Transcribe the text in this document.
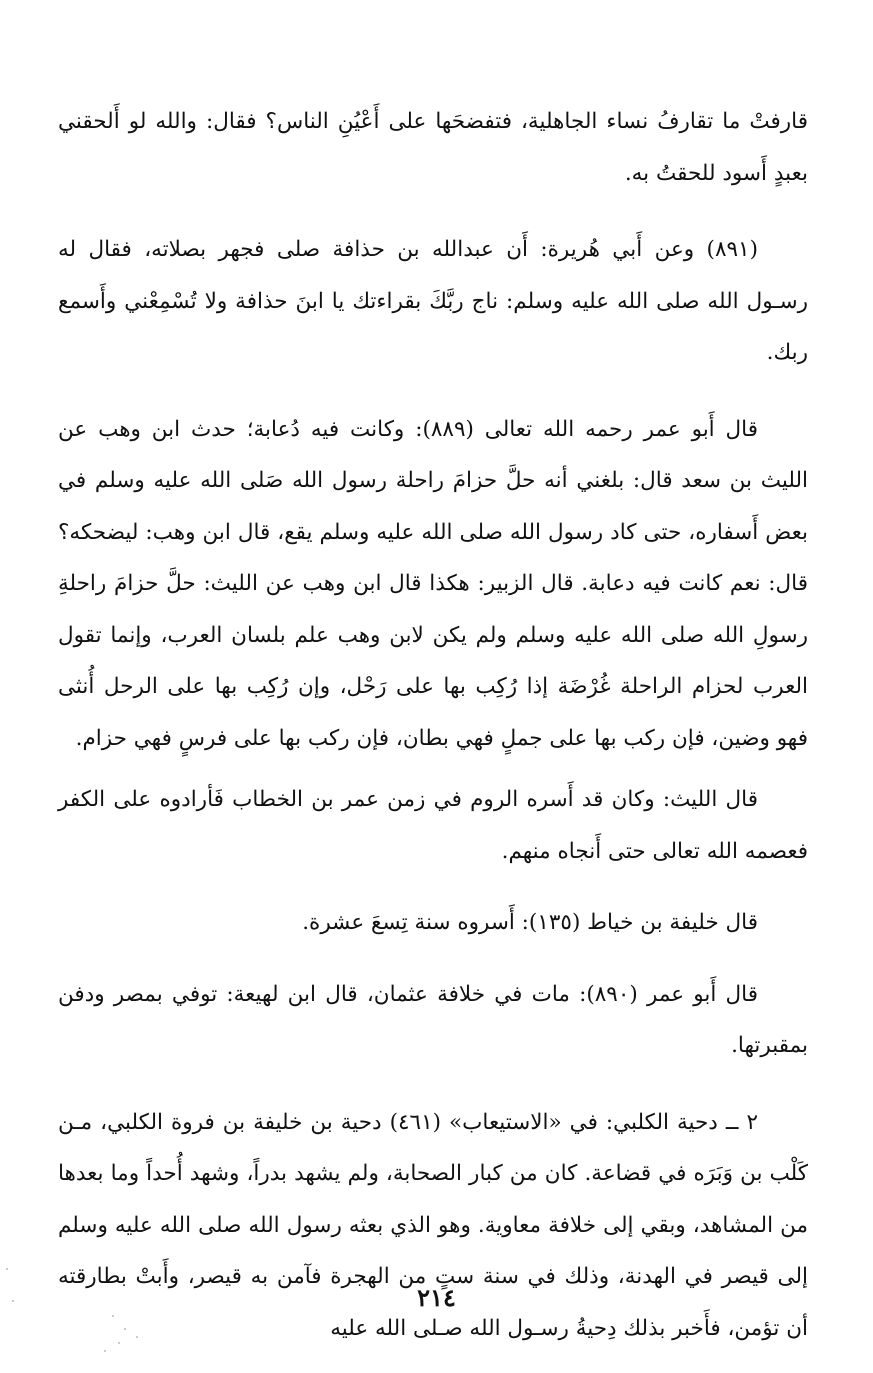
قارفتْ ما تقارفُ نساء الجاهلية، فتفضحَها على أَعْيُنِ الناس؟ فقال: والله لو أَلحقني بعبدٍ أَسود للحقتُ به.

(٨٩١) وعن أَبي هُريرة: أَن عبدالله بن حذافة صلى فجهر بصلاته، فقال له رسـول الله صلى الله عليه وسلم: ناج ربَّكَ بقراءتك يا ابنَ حذافة ولا تُسْمِعْني وأَسمع ربك.

قال أَبو عمر رحمه الله تعالى (٨٨٩): وكانت فيه دُعابة؛ حدث ابن وهب عن الليث بن سعد قال: بلغني أنه حلَّ حزامَ راحلة رسول الله صَلى الله عليه وسلم في بعض أَسفاره، حتى كاد رسول الله صلى الله عليه وسلم يقع، قال ابن وهب: ليضحكه؟ قال: نعم كانت فيه دعابة. قال الزبير: هكذا قال ابن وهب عن الليث: حلَّ حزامَ راحلةِ رسولِ الله صلى الله عليه وسلم ولم يكن لابن وهب علم بلسان العرب، وإنما تقول العرب لحزام الراحلة غُرْضَة إذا رُكِب بها على رَحْل، وإن رُكِب بها على الرحل أُنثى فهو وضين، فإن ركب بها على جملٍ فهي بطان، فإن ركب بها على فرسٍ فهي حزام.

قال الليث: وكان قد أَسره الروم في زمن عمر بن الخطاب فَأرادوه على الكفر فعصمه الله تعالى حتى أَنجاه منهم.

قال خليفة بن خياط (١٣٥): أَسروه سنة تِسعَ عشرة.

قال أَبو عمر (٨٩٠): مات في خلافة عثمان، قال ابن لهيعة: توفي بمصر ودفن بمقبرتها.

٢ ــ دحية الكلبي: في «الاستيعاب» (٤٦١) دحية بن خليفة بن فروة الكلبي، مـن كَلْب بن وَبَرَه في قضاعة. كان من كبار الصحابة، ولم يشهد بدراً، وشهد أُحداً وما بعدها من المشاهد، وبقي إلى خلافة معاوية. وهو الذي بعثه رسول الله صلى الله عليه وسلم إلى قيصر في الهدنة، وذلك في سنة ستٍ من الهجرة فآمن به قيصر، وأَبتْ بطارقته أن تؤمن، فأَخبر بذلك دِحيةُ رسـول الله صـلى الله عليه

٢١٤
